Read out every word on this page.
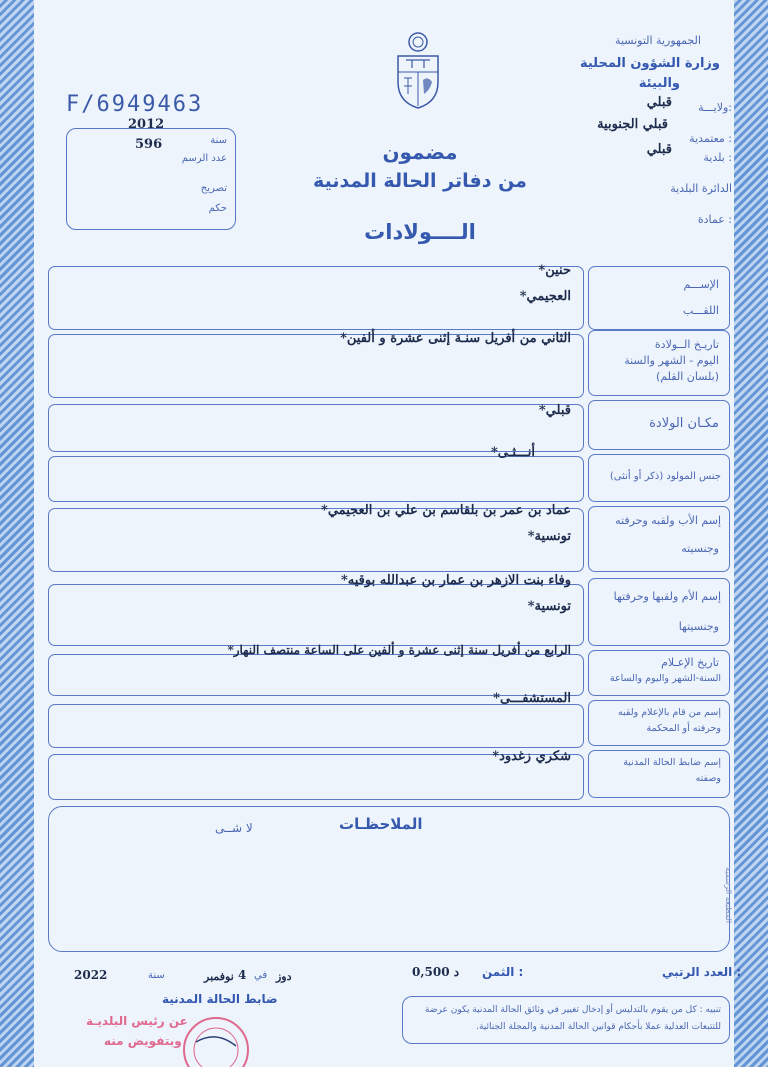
F/6949463
2012
سنة
596
عدد الرسم
تصريح
حكم
الجمهورية التونسية
وزارة الشؤون المحلية
والبيئة
ولايـــة:
قبلي
معتمدية :
قبلي الجنوبية
بلدية :
قبلي
الدائرة البلدية
عمادة :
مضمون
من دفاتر الحالة المدنية
الــــولادات
حنين*
العجيمي*
الإســـم
اللقـــب
الثاني من أفريل سنـة إثنى عشرة و ألفين*	تاريـخ الــولادة
اليوم - الشهر والسنة
(بلسان القلم)
قبلي*
مكـان الولادة
أنـــثـى*
جنس المولود (ذكر أو أنثى)
عماد بن عمر بن بلقاسم بن علي بن العجيمي*
تونسية*
إسم الأب ولقبه وحرفته
وجنسيته
وفاء بنت الازهر بن عمار بن عبدالله بوقيه*
تونسية*
إسم الأم ولقبها وحرفتها
وجنسيتها
الرابع من أفريل سنة إثنى عشرة و ألفين على الساعة منتصف النهار*
تاريخ الإعـلام
السنة-الشهر واليوم والساعة
المستشفـــى*
إسم من قام بالإعلام ولقبه
وحرفته أو المحكمة
شكري زغدود*	إسم ضابط الحالة المدنية
وصفته
الملاحظـات
لا شــى
المطبعة الرسمية
العدد الرتبي :
الثمن :
0,500 د
دوز
في
4
نوفمبر
سنة
2022
ضابط الحالة المدنية
عن رئيس البلديـة
وبتفويض منه
تنبيه : كل من يقوم بالتدليس أو إدخال تغيير في وثائق الحالة المدنية يكون عرضة للتتبعات العدلية عملا بأحكام قوانين الحالة المدنية والمجلة الجنائية.
